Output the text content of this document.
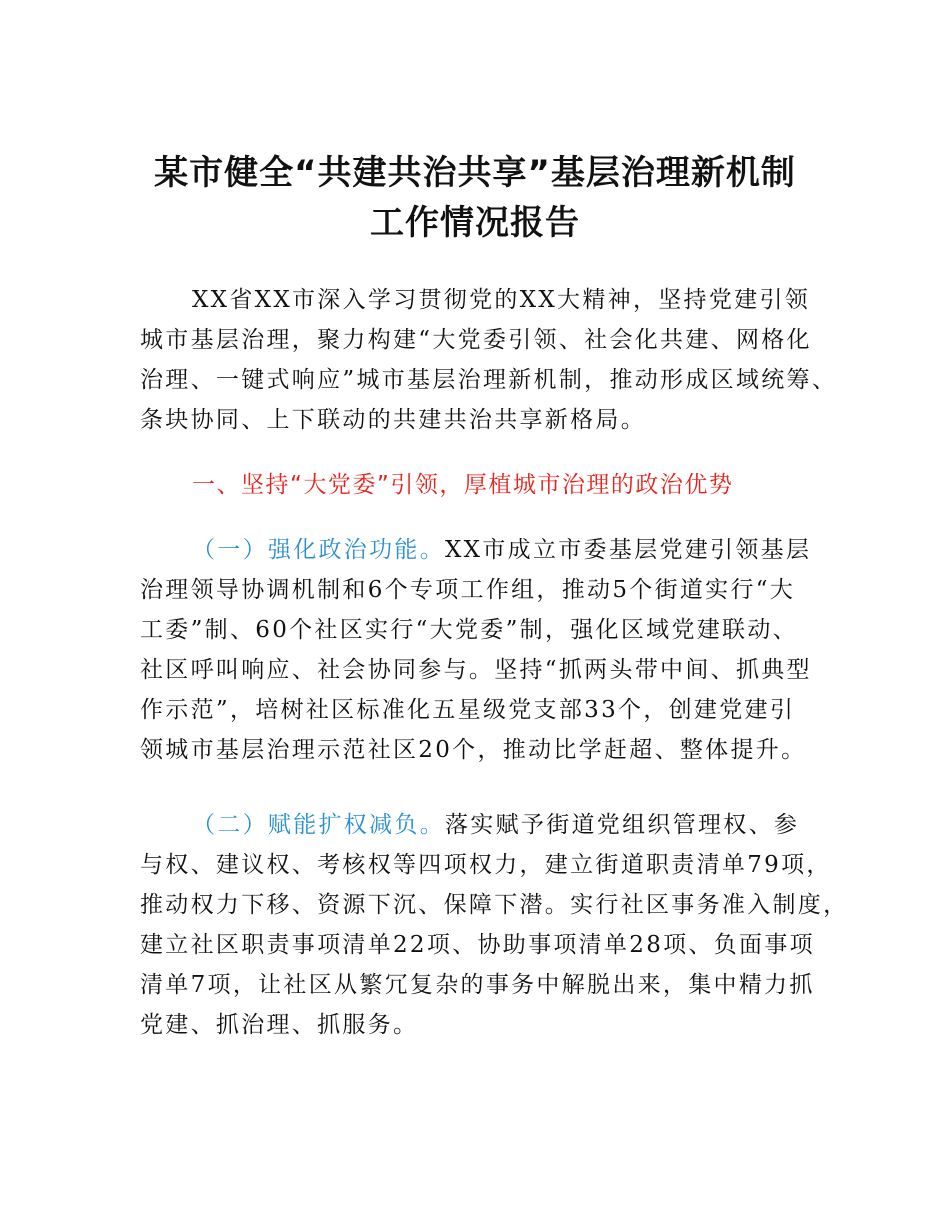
某市健全“共建共治共享”基层治理新机制
工作情况报告
XX省XX市深入学习贯彻党的XX大精神，坚持党建引领
城市基层治理，聚力构建“大党委引领、社会化共建、网格化
治理、一键式响应”城市基层治理新机制，推动形成区域统筹、
条块协同、上下联动的共建共治共享新格局。
一、坚持“大党委”引领，厚植城市治理的政治优势
（一）强化政治功能。XX市成立市委基层党建引领基层
治理领导协调机制和6个专项工作组，推动5个街道实行“大
工委”制、60个社区实行“大党委”制，强化区域党建联动、
社区呼叫响应、社会协同参与。坚持“抓两头带中间、抓典型
作示范”，培树社区标准化五星级党支部33个，创建党建引
领城市基层治理示范社区20个，推动比学赶超、整体提升。
（二）赋能扩权减负。落实赋予街道党组织管理权、参
与权、建议权、考核权等四项权力，建立街道职责清单79项，
推动权力下移、资源下沉、保障下潜。实行社区事务准入制度，
建立社区职责事项清单22项、协助事项清单28项、负面事项
清单7项，让社区从繁冗复杂的事务中解脱出来，集中精力抓
党建、抓治理、抓服务。
